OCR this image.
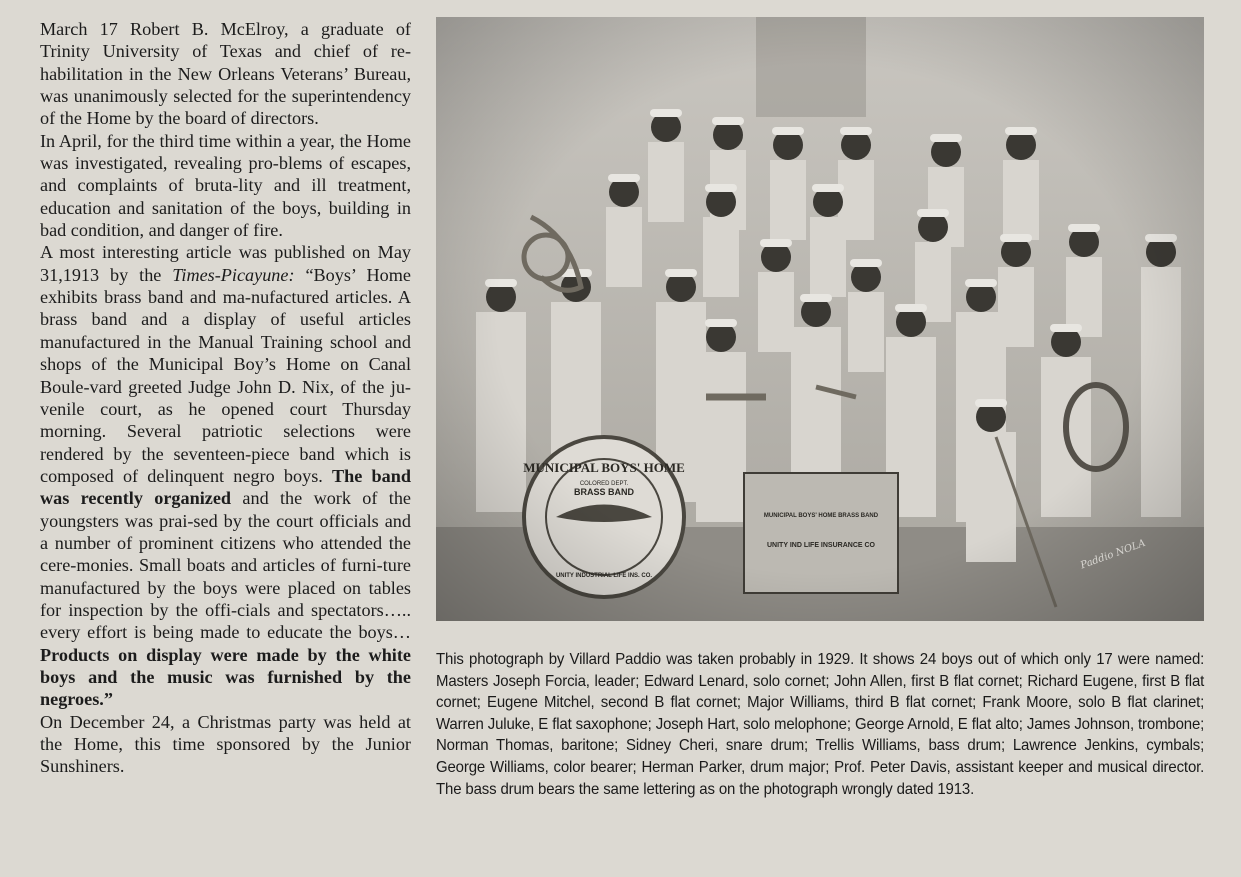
March 17 Robert B. McElroy, a graduate of Trinity University of Texas and chief of re-habilitation in the New Orleans Veterans’ Bureau, was unanimously selected for the superintendency of the Home by the board of directors.

In April, for the third time within a year, the Home was investigated, revealing pro-blems of escapes, and complaints of bruta-lity and ill treatment, education and sanitation of the boys, building in bad condition, and danger of fire.

A most interesting article was published on May 31,1913 by the Times-Picayune: “Boys’ Home exhibits brass band and ma-nufactured articles. A brass band and a display of useful articles manufactured in the Manual Training school and shops of the Municipal Boy’s Home on Canal Boule-vard greeted Judge John D. Nix, of the ju-venile court, as he opened court Thursday morning. Several patriotic selections were rendered by the seventeen-piece band which is composed of delinquent negro boys. The band was recently organized and the work of the youngsters was prai-sed by the court officials and a number of prominent citizens who attended the cere-monies. Small boats and articles of furni-ture manufactured by the boys were placed on tables for inspection by the offi-cials and spectators….. every effort is being made to educate the boys… Products on display were made by the white boys and the music was furnished by the negroes.”

On December 24, a Christmas party was held at the Home, this time sponsored by the Junior Sunshiners.

This photograph by Villard Paddio was taken probably in 1929. It shows 24 boys out of which only 17 were named: Masters Joseph Forcia, leader; Edward Lenard, solo cornet; John Allen, first B flat cornet; Richard Eugene, first B flat cornet; Eugene Mitchel, second B flat cornet; Major Williams, third B flat cornet; Frank Moore, solo B flat clarinet; Warren Juluke, E flat saxophone; Joseph Hart, solo melophone; George Arnold, E flat alto; James Johnson, trombone; Norman Thomas, baritone; Sidney Cheri, snare drum; Trellis Williams, bass drum; Lawrence Jenkins, cymbals; George Williams, color bearer; Herman Parker, drum major; Prof. Peter Davis, assistant keeper and musical director. The bass drum bears the same lettering as on the photograph wrongly dated 1913.
